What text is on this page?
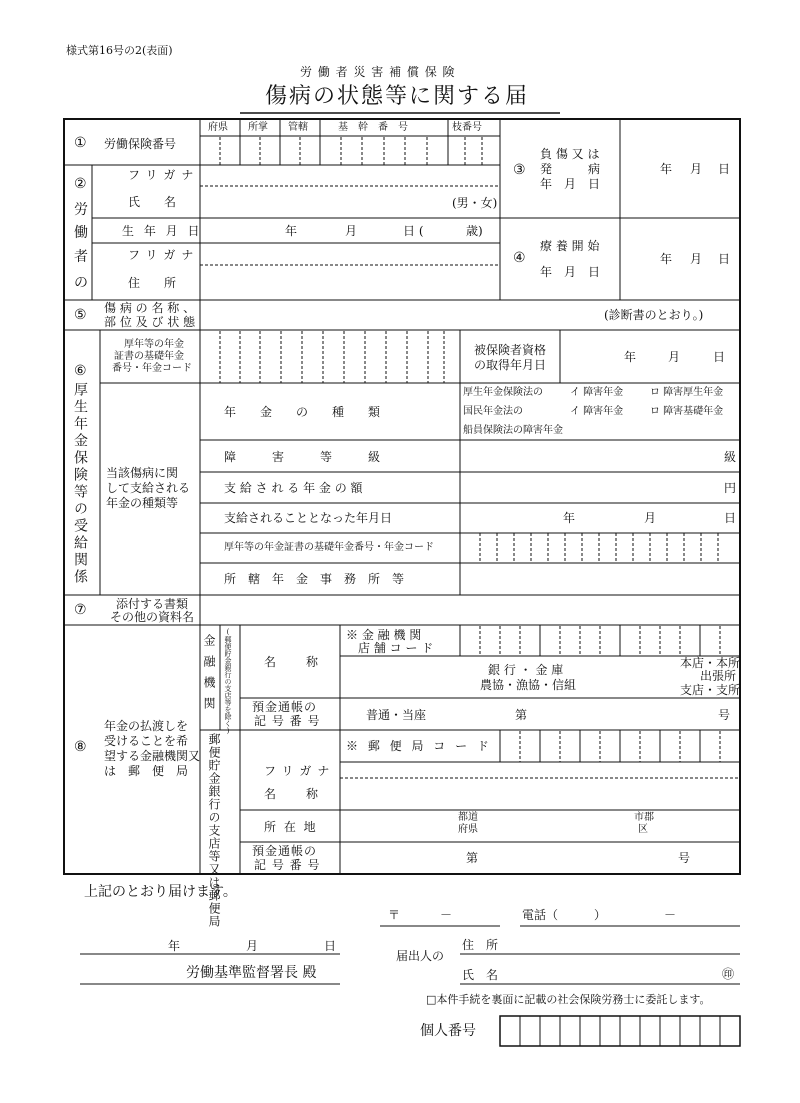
様式第16号の2(表面)
労 働 者 災 害 補 償 保 険
傷病の状態等に関する届
① 労働保険番号
府県 所掌 管轄	基　幹　番　号	枝番号
②
労
働
者
の
フリガナ
氏　　名	(男・女)
生 年 月 日	年	月	日 (	歳)
フリガナ
住　　所
③
負 傷 又 は
発　　　病
年　月　日
年 月 日
④
療 養 開 始
年　月　日
年 月 日
⑤ 傷 病 の 名 称 、
部 位 及 び 状 態	(診断書のとおり。)
⑥
厚生年金保険等の受給関係
厚年等の年金
証書の基礎年金
番号・年金コード
被保険者資格
の取得年月日
年	月	日
当該傷病に関
して支給される
年金の種類等
年　　金　　の　　種　　類
厚生年金保険法の	イ 障害年金	ロ 障害厚生年金
国民年金法の	イ 障害年金	ロ 障害基礎年金
船員保険法の障害年金
障　　　害　　　等　　　級	級
支 給 さ れ る 年 金 の 額	円
支給されることとなった年月日	年	月	日
厚年等の年金証書の基礎年金番号・年金コード
所　轄　年　金　事　務　所　等
⑦ 添付する書類
その他の資料名
⑧
年金の払渡しを
受けることを希
望する金融機関又
は　郵　便　局
金融機関 (郵便貯金銀行の支店等を除く)	名　　称
※ 金 融 機 関
店 舗 コ ー ド
銀 行 ・ 金 庫
農協・漁協・信組
本店・本所
出張所
支店・支所
預金通帳の
記 号 番 号	普通・当座	第	号
郵便貯金銀行の支店等又は郵便局	※ 郵 便 局 コ ー ド
フリガナ
名　　称
所 在 地
都道
府県
市郡
区
預金通帳の
記 号 番 号	第	号
上記のとおり届けます。
〒	－	電話（　　　）	－
年	月	日
労働基準監督署長 殿
届出人の
住　所
氏　名	㊞
□本件手続を裏面に記載の社会保険労務士に委託します。
個人番号
